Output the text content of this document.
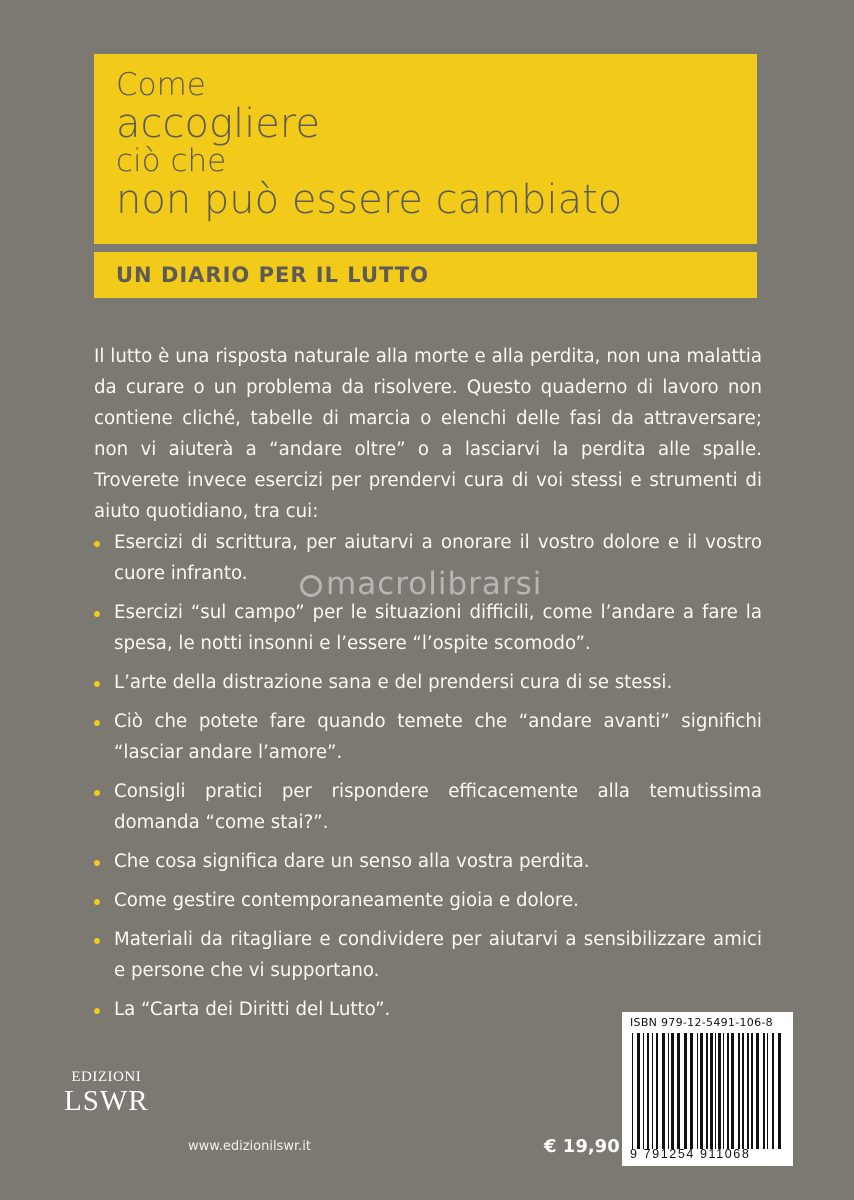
Come
accogliere
ciò che
non può essere cambiato
UN DIARIO PER IL LUTTO

Il lutto è una risposta naturale alla morte e alla perdita, non una malattia da curare o un problema da risolvere. Questo quaderno di lavoro non contiene cliché, tabelle di marcia o elenchi delle fasi da attraversare; non vi aiuterà a “andare oltre” o a lasciarvi la perdita alle spalle. Troverete invece esercizi per prendervi cura di voi stessi e strumenti di aiuto quotidiano, tra cui:

Esercizi di scrittura, per aiutarvi a onorare il vostro dolore e il vostro cuore infranto.
Esercizi “sul campo” per le situazioni difficili, come l’andare a fare la spesa, le notti insonni e l’essere “l’ospite scomodo”.
L’arte della distrazione sana e del prendersi cura di se stessi.
Ciò che potete fare quando temete che “andare avanti” significhi “lasciar andare l’amore”.
Consigli pratici per rispondere efficacemente alla temutissima domanda “come stai?”.
Che cosa significa dare un senso alla vostra perdita.
Come gestire contemporaneamente gioia e dolore.
Materiali da ritagliare e condividere per aiutarvi a sensibilizzare amici e persone che vi supportano.
La “Carta dei Diritti del Lutto”.
macrolibrarsi
EDIZIONI
LSWR
www.edizionilswr.it	€ 19,90
ISBN 979-12-5491-106-8
9 791254 911068
